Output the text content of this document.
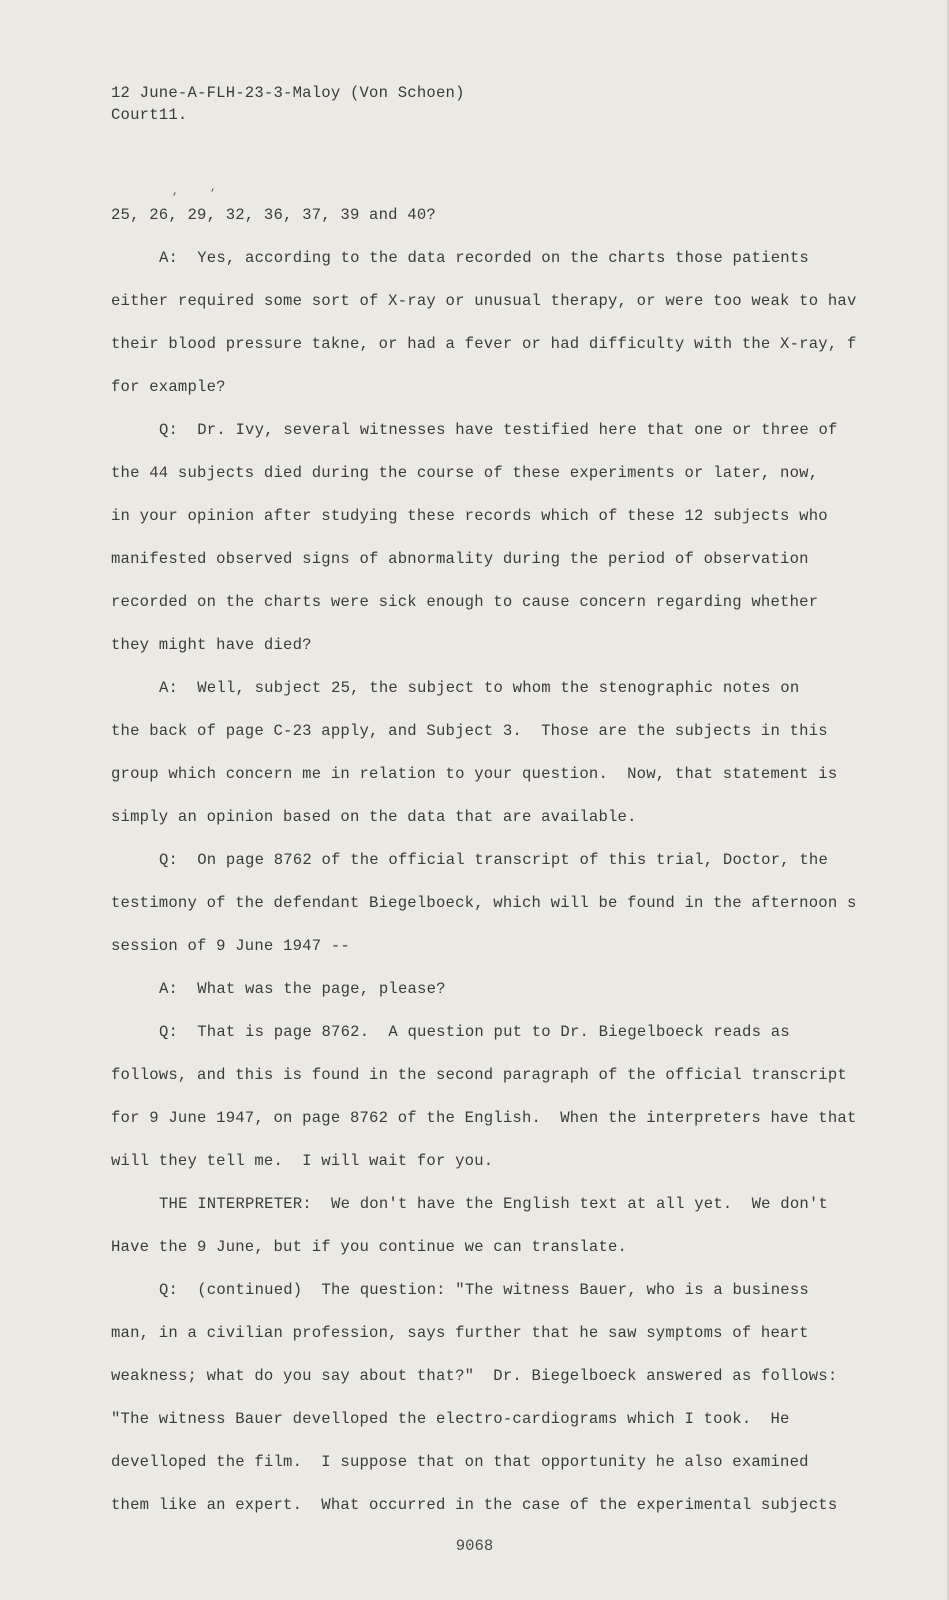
12 June-A-FLH-23-3-Maloy (Von Schoen)
Court11.
,	,
25, 26, 29, 32, 36, 37, 39 and 40?
A:  Yes, according to the data recorded on the charts those patients
either required some sort of X-ray or unusual therapy, or were too weak to hav
their blood pressure takne, or had a fever or had difficulty with the X-ray, f
for example?
Q:  Dr. Ivy, several witnesses have testified here that one or three of
the 44 subjects died during the course of these experiments or later, now,
in your opinion after studying these records which of these 12 subjects who
manifested observed signs of abnormality during the period of observation
recorded on the charts were sick enough to cause concern regarding whether
they might have died?
A:  Well, subject 25, the subject to whom the stenographic notes on
the back of page C-23 apply, and Subject 3.  Those are the subjects in this
group which concern me in relation to your question.  Now, that statement is
simply an opinion based on the data that are available.
Q:  On page 8762 of the official transcript of this trial, Doctor, the
testimony of the defendant Biegelboeck, which will be found in the afternoon s
session of 9 June 1947 --
A:  What was the page, please?
Q:  That is page 8762.  A question put to Dr. Biegelboeck reads as
follows, and this is found in the second paragraph of the official transcript
for 9 June 1947, on page 8762 of the English.  When the interpreters have that
will they tell me.  I will wait for you.
THE INTERPRETER:  We don't have the English text at all yet.  We don't
Have the 9 June, but if you continue we can translate.
Q:  (continued)  The question: "The witness Bauer, who is a business
man, in a civilian profession, says further that he saw symptoms of heart
weakness; what do you say about that?"  Dr. Biegelboeck answered as follows:
"The witness Bauer develloped the electro-cardiograms which I took.  He
develloped the film.  I suppose that on that opportunity he also examined
them like an expert.  What occurred in the case of the experimental subjects
9068
